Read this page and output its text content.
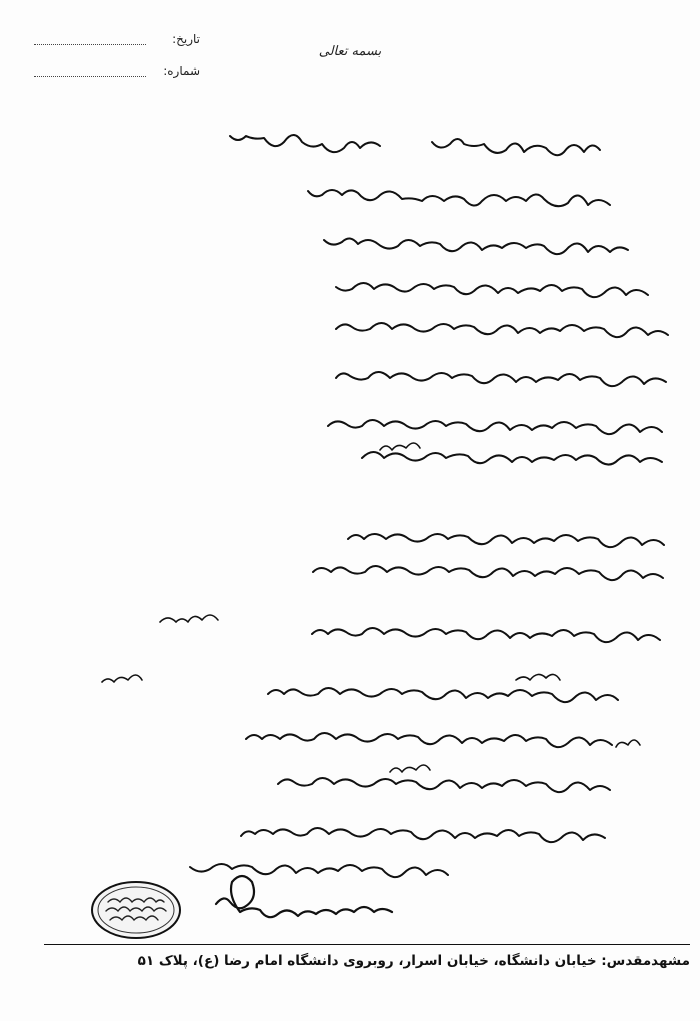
تاریخ:
شماره:
بسمه تعالی
مشهدمقدس: خیابان دانشگاه، خیابان اسرار، روبروی دانشگاه امام رضا (ع)، پلاک ۵۱
